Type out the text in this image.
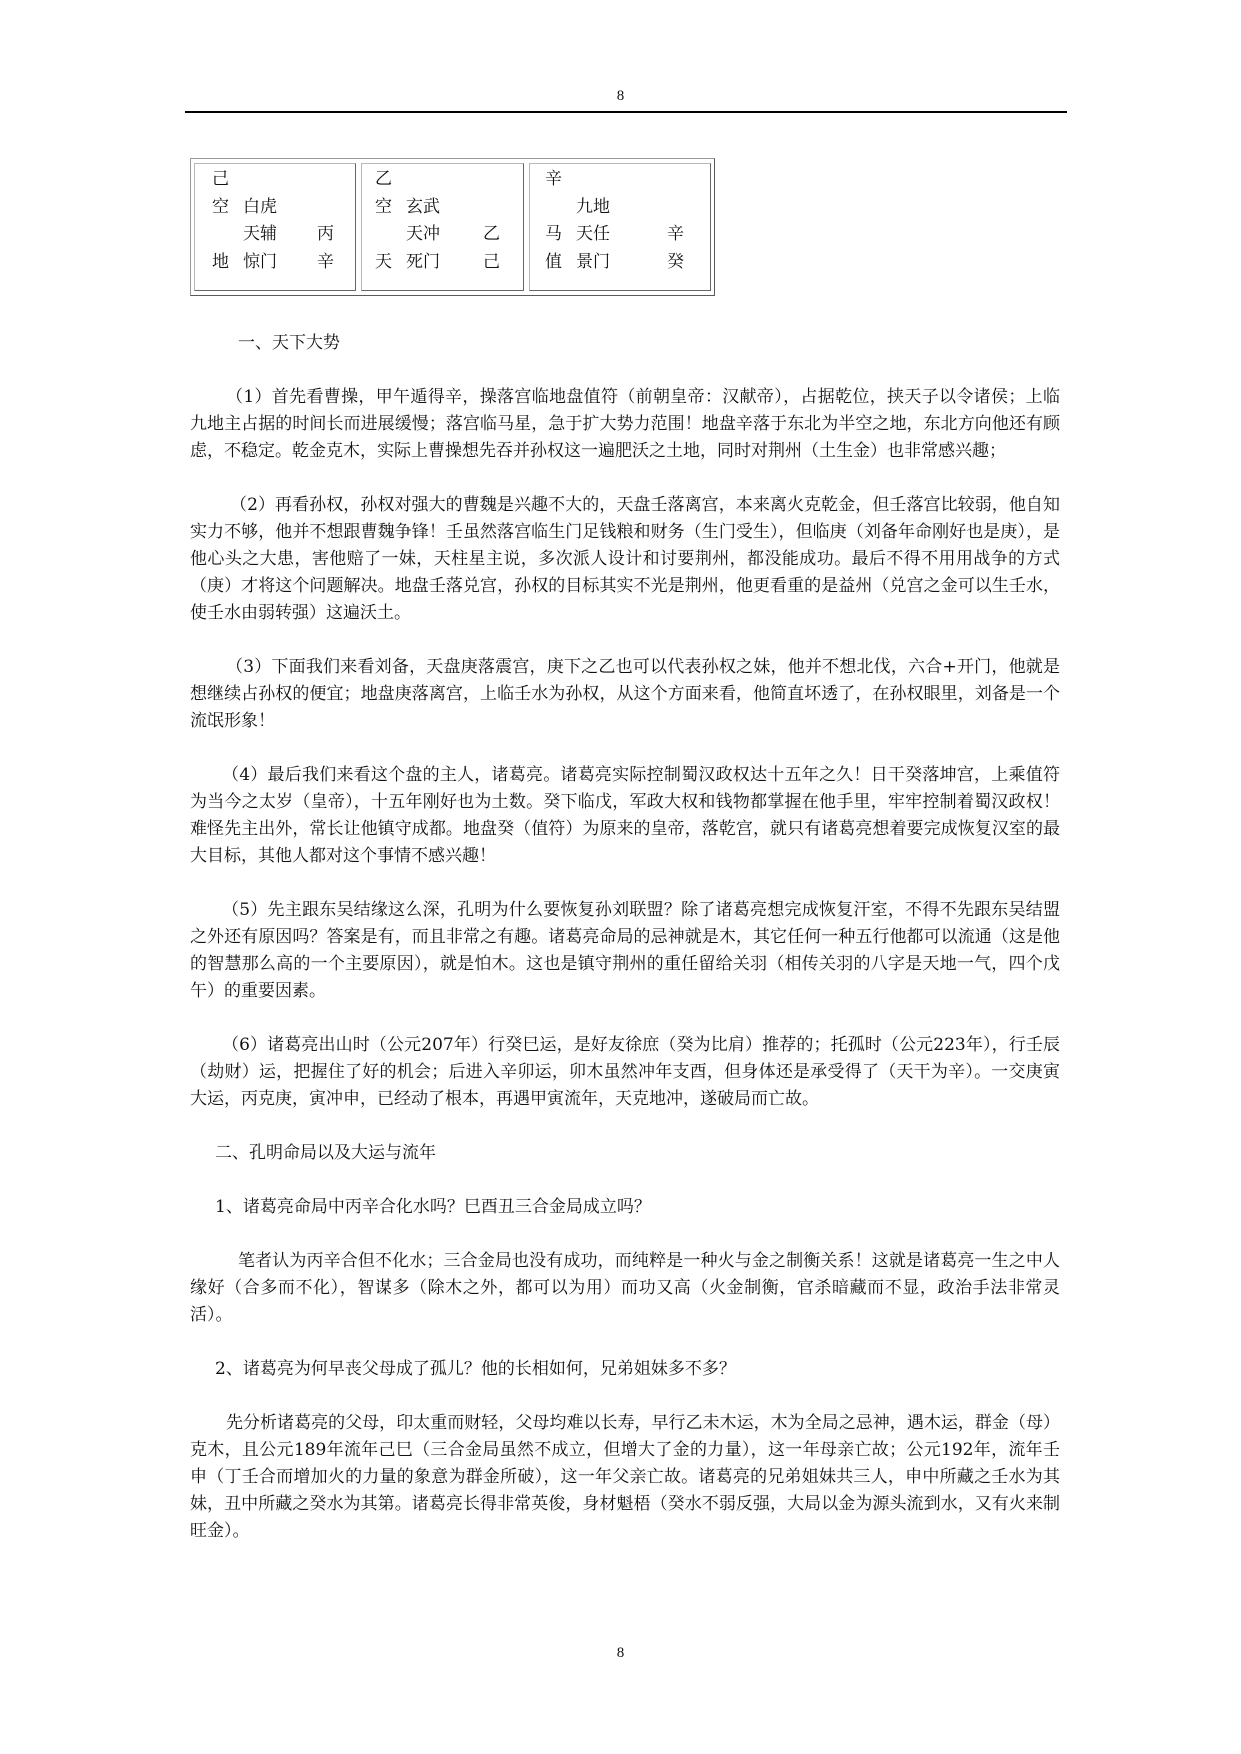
8
己
空 白虎
天辅 丙
地 惊门 辛
乙
空 玄武
天冲	乙
天 死门	己
辛
九地
马 天任	辛
值 景门	癸

一、天下大势

（1）首先看曹操，甲午遁得辛，操落宫临地盘值符（前朝皇帝：汉献帝），占据乾位，挟天子以令诸侯；上临九地主占据的时间长而进展缓慢；落宫临马星，急于扩大势力范围！地盘辛落于东北为半空之地，东北方向他还有顾虑，不稳定。乾金克木，实际上曹操想先吞并孙权这一遍肥沃之土地，同时对荆州（土生金）也非常感兴趣；

（2）再看孙权，孙权对强大的曹魏是兴趣不大的，天盘壬落离宫，本来离火克乾金，但壬落宫比较弱，他自知实力不够，他并不想跟曹魏争锋！壬虽然落宫临生门足钱粮和财务（生门受生），但临庚（刘备年命刚好也是庚），是他心头之大患，害他赔了一妹，天柱星主说，多次派人设计和讨要荆州，都没能成功。最后不得不用用战争的方式（庚）才将这个问题解决。地盘壬落兑宫，孙权的目标其实不光是荆州，他更看重的是益州（兑宫之金可以生壬水，使壬水由弱转强）这遍沃土。

（3）下面我们来看刘备，天盘庚落震宫，庚下之乙也可以代表孙权之妹，他并不想北伐，六合+开门，他就是想继续占孙权的便宜；地盘庚落离宫，上临壬水为孙权，从这个方面来看，他简直坏透了，在孙权眼里，刘备是一个流氓形象！

（4）最后我们来看这个盘的主人，诸葛亮。诸葛亮实际控制蜀汉政权达十五年之久！日干癸落坤宫，上乘值符为当今之太岁（皇帝），十五年刚好也为土数。癸下临戊，军政大权和钱物都掌握在他手里，牢牢控制着蜀汉政权！难怪先主出外，常长让他镇守成都。地盘癸（值符）为原来的皇帝，落乾宫，就只有诸葛亮想着要完成恢复汉室的最大目标，其他人都对这个事情不感兴趣！

（5）先主跟东吴结缘这么深，孔明为什么要恢复孙刘联盟？除了诸葛亮想完成恢复汗室，不得不先跟东吴结盟之外还有原因吗？答案是有，而且非常之有趣。诸葛亮命局的忌神就是木，其它任何一种五行他都可以流通（这是他的智慧那么高的一个主要原因），就是怕木。这也是镇守荆州的重任留给关羽（相传关羽的八字是天地一气，四个戊午）的重要因素。

（6）诸葛亮出山时（公元207年）行癸巳运，是好友徐庶（癸为比肩）推荐的；托孤时（公元223年），行壬辰（劫财）运，把握住了好的机会；后进入辛卯运，卯木虽然冲年支酉，但身体还是承受得了（天干为辛）。一交庚寅大运，丙克庚，寅冲申，已经动了根本，再遇甲寅流年，天克地冲，遂破局而亡故。

二、孔明命局以及大运与流年

1、诸葛亮命局中丙辛合化水吗？巳酉丑三合金局成立吗？

笔者认为丙辛合但不化水；三合金局也没有成功，而纯粹是一种火与金之制衡关系！这就是诸葛亮一生之中人缘好（合多而不化），智谋多（除木之外，都可以为用）而功又高（火金制衡，官杀暗藏而不显，政治手法非常灵活）。

2、诸葛亮为何早丧父母成了孤儿？他的长相如何，兄弟姐妹多不多？

先分析诸葛亮的父母，印太重而财轻，父母均难以长寿，早行乙未木运，木为全局之忌神，遇木运，群金（母）克木，且公元189年流年己巳（三合金局虽然不成立，但增大了金的力量），这一年母亲亡故；公元192年，流年壬申（丁壬合而增加火的力量的象意为群金所破），这一年父亲亡故。诸葛亮的兄弟姐妹共三人，申中所藏之壬水为其妹，丑中所藏之癸水为其第。诸葛亮长得非常英俊，身材魁梧（癸水不弱反强，大局以金为源头流到水，又有火来制旺金）。

8
